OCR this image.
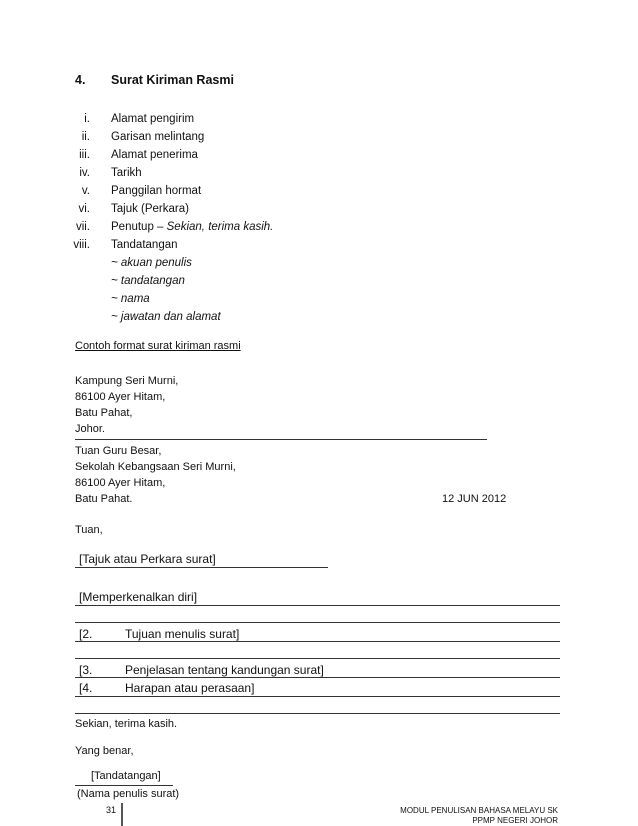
4. Surat Kiriman Rasmi
i. Alamat pengirim
ii. Garisan melintang
iii. Alamat penerima
iv. Tarikh
v. Panggilan hormat
vi. Tajuk (Perkara)
vii. Penutup – Sekian, terima kasih.
viii. Tandatangan
~ akuan penulis
~ tandatangan
~ nama
~ jawatan dan alamat
Contoh format surat kiriman rasmi
Kampung Seri Murni,
86100 Ayer Hitam,
Batu Pahat,
Johor.
Tuan Guru Besar,
Sekolah Kebangsaan Seri Murni,
86100 Ayer Hitam,
Batu Pahat.	12 JUN 2012
Tuan,
[Tajuk atau Perkara surat]
[Memperkenalkan diri]
[2.	Tujuan menulis surat]
[3.	Penjelasan tentang kandungan surat]
[4.	Harapan atau perasaan]
Sekian, terima kasih.
Yang benar,
[Tandatangan]
(Nama penulis surat)
31	MODUL PENULISAN BAHASA MELAYU SK
PPMP NEGERI JOHOR
